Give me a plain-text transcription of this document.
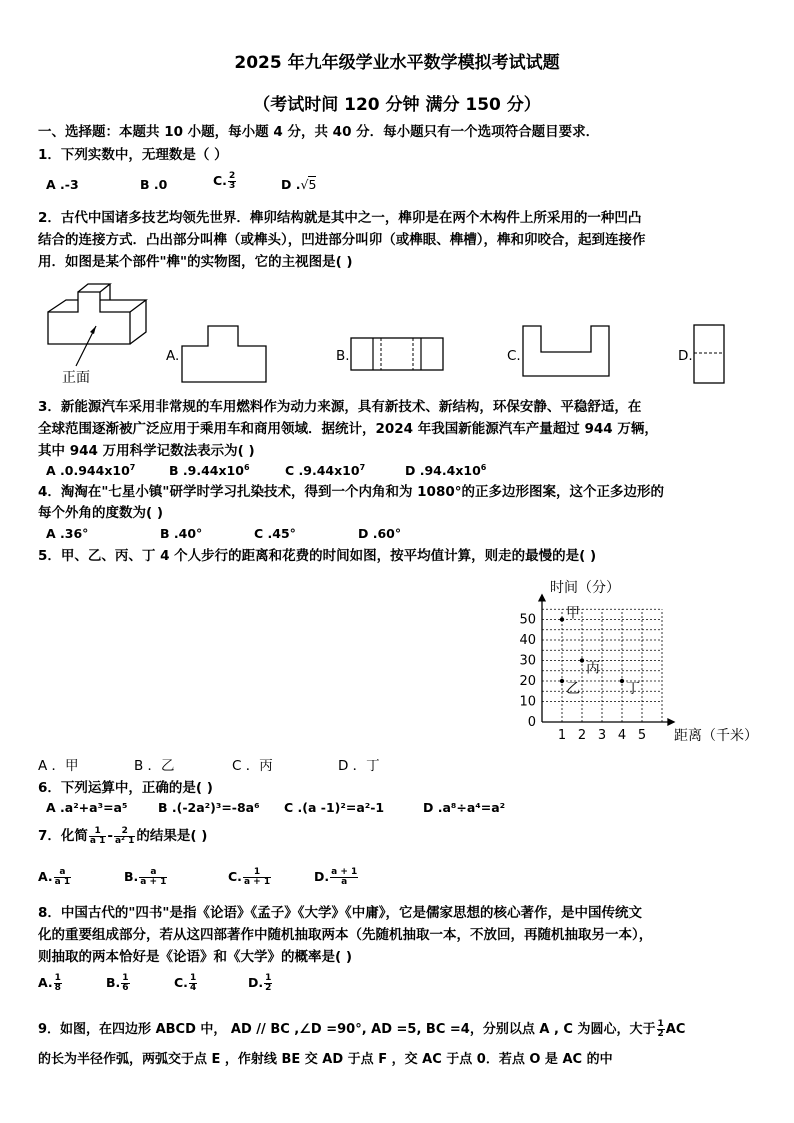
2025 年九年级学业水平数学模拟考试试题
（考试时间 120 分钟 满分 150 分）
一、选择题：本题共 10 小题，每小题 4 分，共 40 分．每小题只有一个选项符合题目要求．
1．下列实数中，无理数是（ ）
A .-3	B .0	C. $\frac{2}{3}$	D .√5
2．古代中国诸多技艺均领先世界．榫卯结构就是其中之一，榫卯是在两个木构件上所采用的一种凹凸
结合的连接方式．凸出部分叫榫（或榫头），凹进部分叫卯（或榫眼、榫槽），榫和卯咬合，起到连接作
用．如图是某个部件"榫"的实物图，它的主视图是( )
正面
A.	B.	C.	D.
3．新能源汽车采用非常规的车用燃料作为动力来源，具有新技术、新结构，环保安静、平稳舒适，在
全球范围逐渐被广泛应用于乘用车和商用领域．据统计，2024 年我国新能源汽车产量超过 944 万辆，
其中 944 万用科学记数法表示为( )
A $.0.944x10^7$	B $.9.44x10^6$	C $.9.44x10^7$	D $.94.4x10^6$
4．淘淘在"七星小镇"研学时学习扎染技术，得到一个内角和为 1080°的正多边形图案，这个正多边形的
每个外角的度数为( )
A .36°	B .40°	C .45°	D .60°
5．甲、乙、丙、丁 4 个人步行的距离和花费的时间如图，按平均值计算，则走的最慢的是( )
1 2 3 4 5
0
10
20
30
40
50 甲
乙
丙
丁
时间（分）
距离（千米）
A ．甲	B ．乙	C ．丙	D ．丁
6．下列运算中，正确的是( )
A .a²+a³=a⁵ B .(-2a²)³=-8a⁶ C .(a -1)²=a²-1	D .a⁸÷a⁴=a²
7．化简 $\frac{1}{a 1} - \frac{2}{\text{a² 1}}$ 的结果是( )
A. $\frac{a}{a 1}$	B. $\frac{a}{a + 1}$	C. $\frac{1}{a + 1}$	D. $\frac{a + 1}{a}$
8．中国古代的"四书"是指《论语》《孟子》《大学》《中庸》，它是儒家思想的核心著作，是中国传统文
化的重要组成部分，若从这四部著作中随机抽取两本（先随机抽取一本，不放回，再随机抽取另一本），
则抽取的两本恰好是《论语》和《大学》的概率是( )
A. $\frac{1}{8}$	B. $\frac{1}{6}$	C. $\frac{1}{4}$	D. $\frac{1}{2}$
9．如图，在四边形 ABCD 中， AD // BC ,∠D =90°, AD =5, BC =4，分别以点 A , C 为圆心，大于 $\frac{1}{2}$ AC
的长为半径作弧，两弧交于点 E ，作射线 BE 交 AD 于点 F ，交 AC 于点 0．若点 O 是 AC 的中
